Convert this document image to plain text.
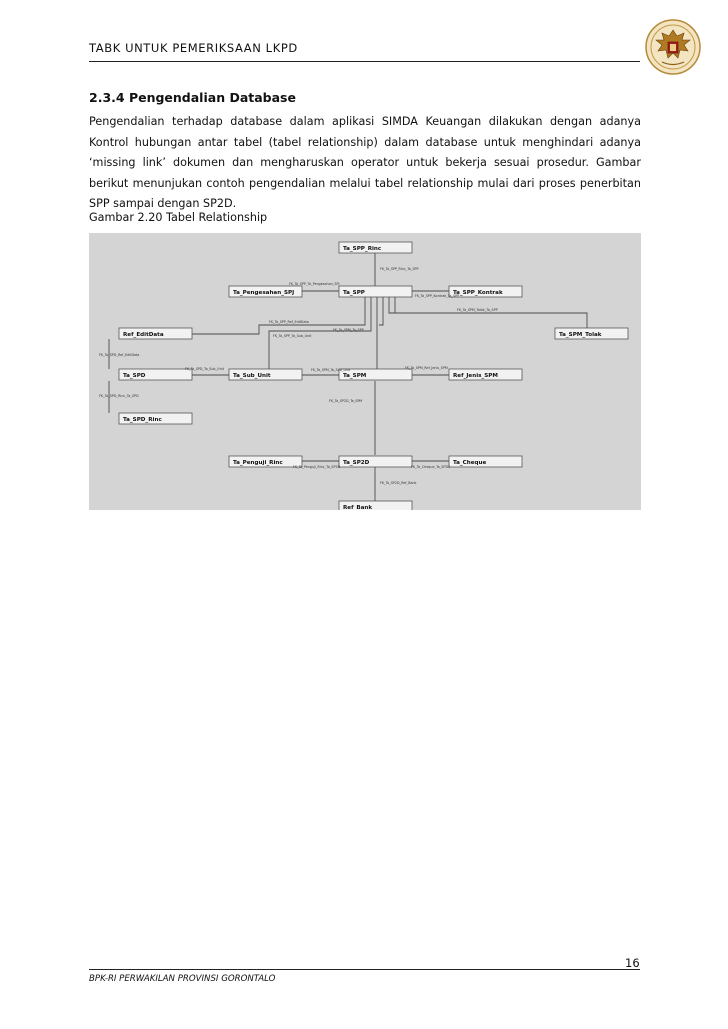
TABK UNTUK PEMERIKSAAN LKPD
2.3.4 Pengendalian Database

Pengendalian terhadap database dalam aplikasi SIMDA Keuangan dilakukan dengan adanya Kontrol hubungan antar tabel (tabel relationship) dalam database untuk menghindari adanya ‘missing link’ dokumen dan mengharuskan operator untuk bekerja sesuai prosedur. Gambar berikut menunjukan contoh pengendalian melalui tabel relationship mulai dari proses penerbitan SPP sampai dengan SP2D.

Gambar 2.20 Tabel Relationship
Ta_SPP_Rinc
Ta_Pengesahan_SPJ	Ta_SPP	Ta_SPP_Kontrak
Ref_EditData	Ta_SPM_Tolak
Ta_SPD	Ta_Sub_Unit	Ta_SPM	Ref_Jenis_SPM
Ta_SPD_Rinc
Ta_Penguji_Rinc	Ta_SP2D	Ta_Cheque
Ref_Bank
FK_Ta_SPP_Rinc_Ta_SPP
FK_Ta_SPP_Ta_Pengesahan_SPJ
FK_Ta_SPP_Kontrak_Ta_SPP
FK_Ta_SPM_Tolak_Ta_SPP
FK_Ta_SPP_Ref_EditData
FK_Ta_SPM_Ta_SPP
FK_Ta_SPP_Ta_Sub_Unit
FK_Ta_SPD_Ref_EditData
FK_Ta_SPD_Ta_Sub_Unit	FK_Ta_SPM_Ta_Sub_Unit	FK_Ta_SPM_Ref_Jenis_SPM
FK_Ta_SPD_Rinc_Ta_SPD
FK_Ta_SP2D_Ta_SPM
FK_Ta_Penguji_Rinc_Ta_SP2D	FK_Ta_Cheque_Ta_SP2D
FK_Ta_SP2D_Ref_Bank
16
BPK-RI PERWAKILAN PROVINSI GORONTALO
